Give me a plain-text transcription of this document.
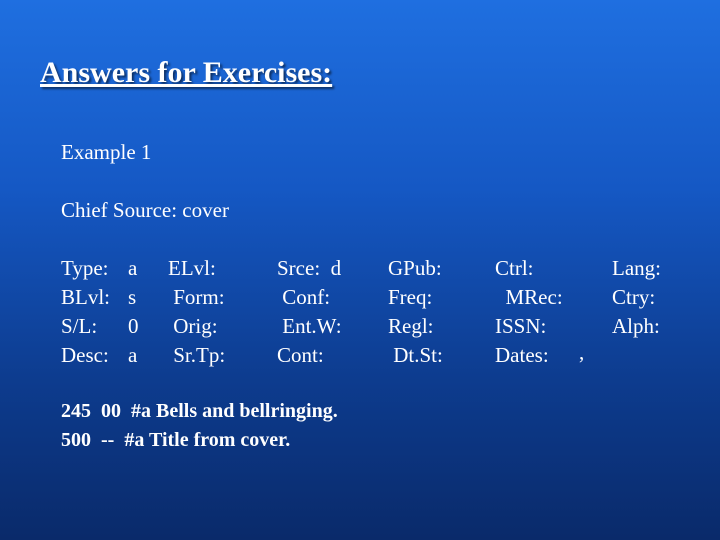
Answers for Exercises:
Example 1
Chief Source: cover
Type:
BLvl:
S/L:
Desc:
a
s
0
a
ELvl:
Form:
Orig:
Sr.Tp:
Srce:  d
Conf:
Ent.W:
Cont:
GPub:
Freq:
Regl:
Dt.St:
Ctrl:
MRec:
ISSN:
Dates:
Lang:
Ctry:
Alph:
,
245  00  #a Bells and bellringing.
500  --  #a Title from cover.
